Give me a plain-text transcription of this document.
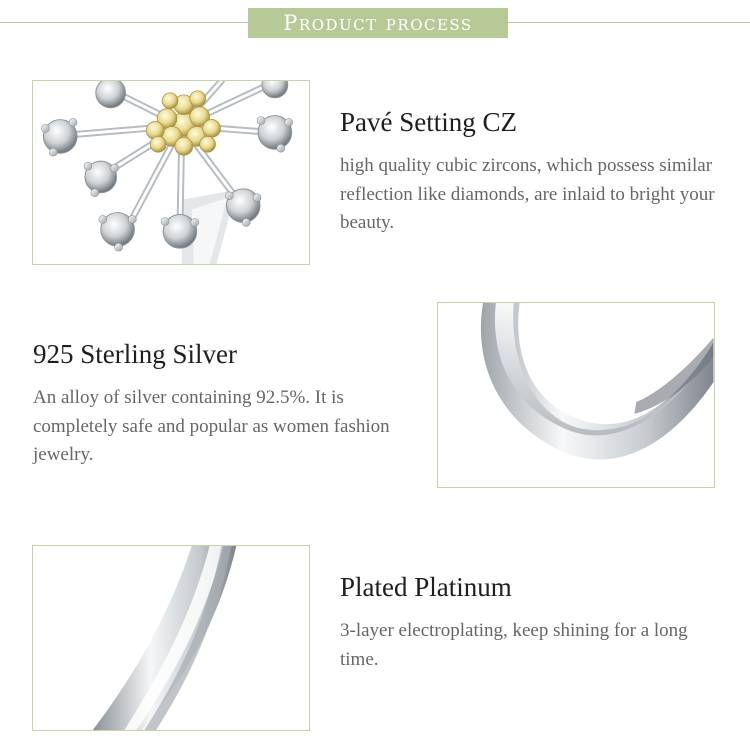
Product process
Pavé Setting CZ

high quality cubic zircons, which possess similar reflection like diamonds, are inlaid to bright your beauty.

925 Sterling Silver

An alloy of silver containing 92.5%. It is completely safe and popular as women fashion jewelry.

Plated Platinum

3-layer electroplating, keep shining for a long time.
